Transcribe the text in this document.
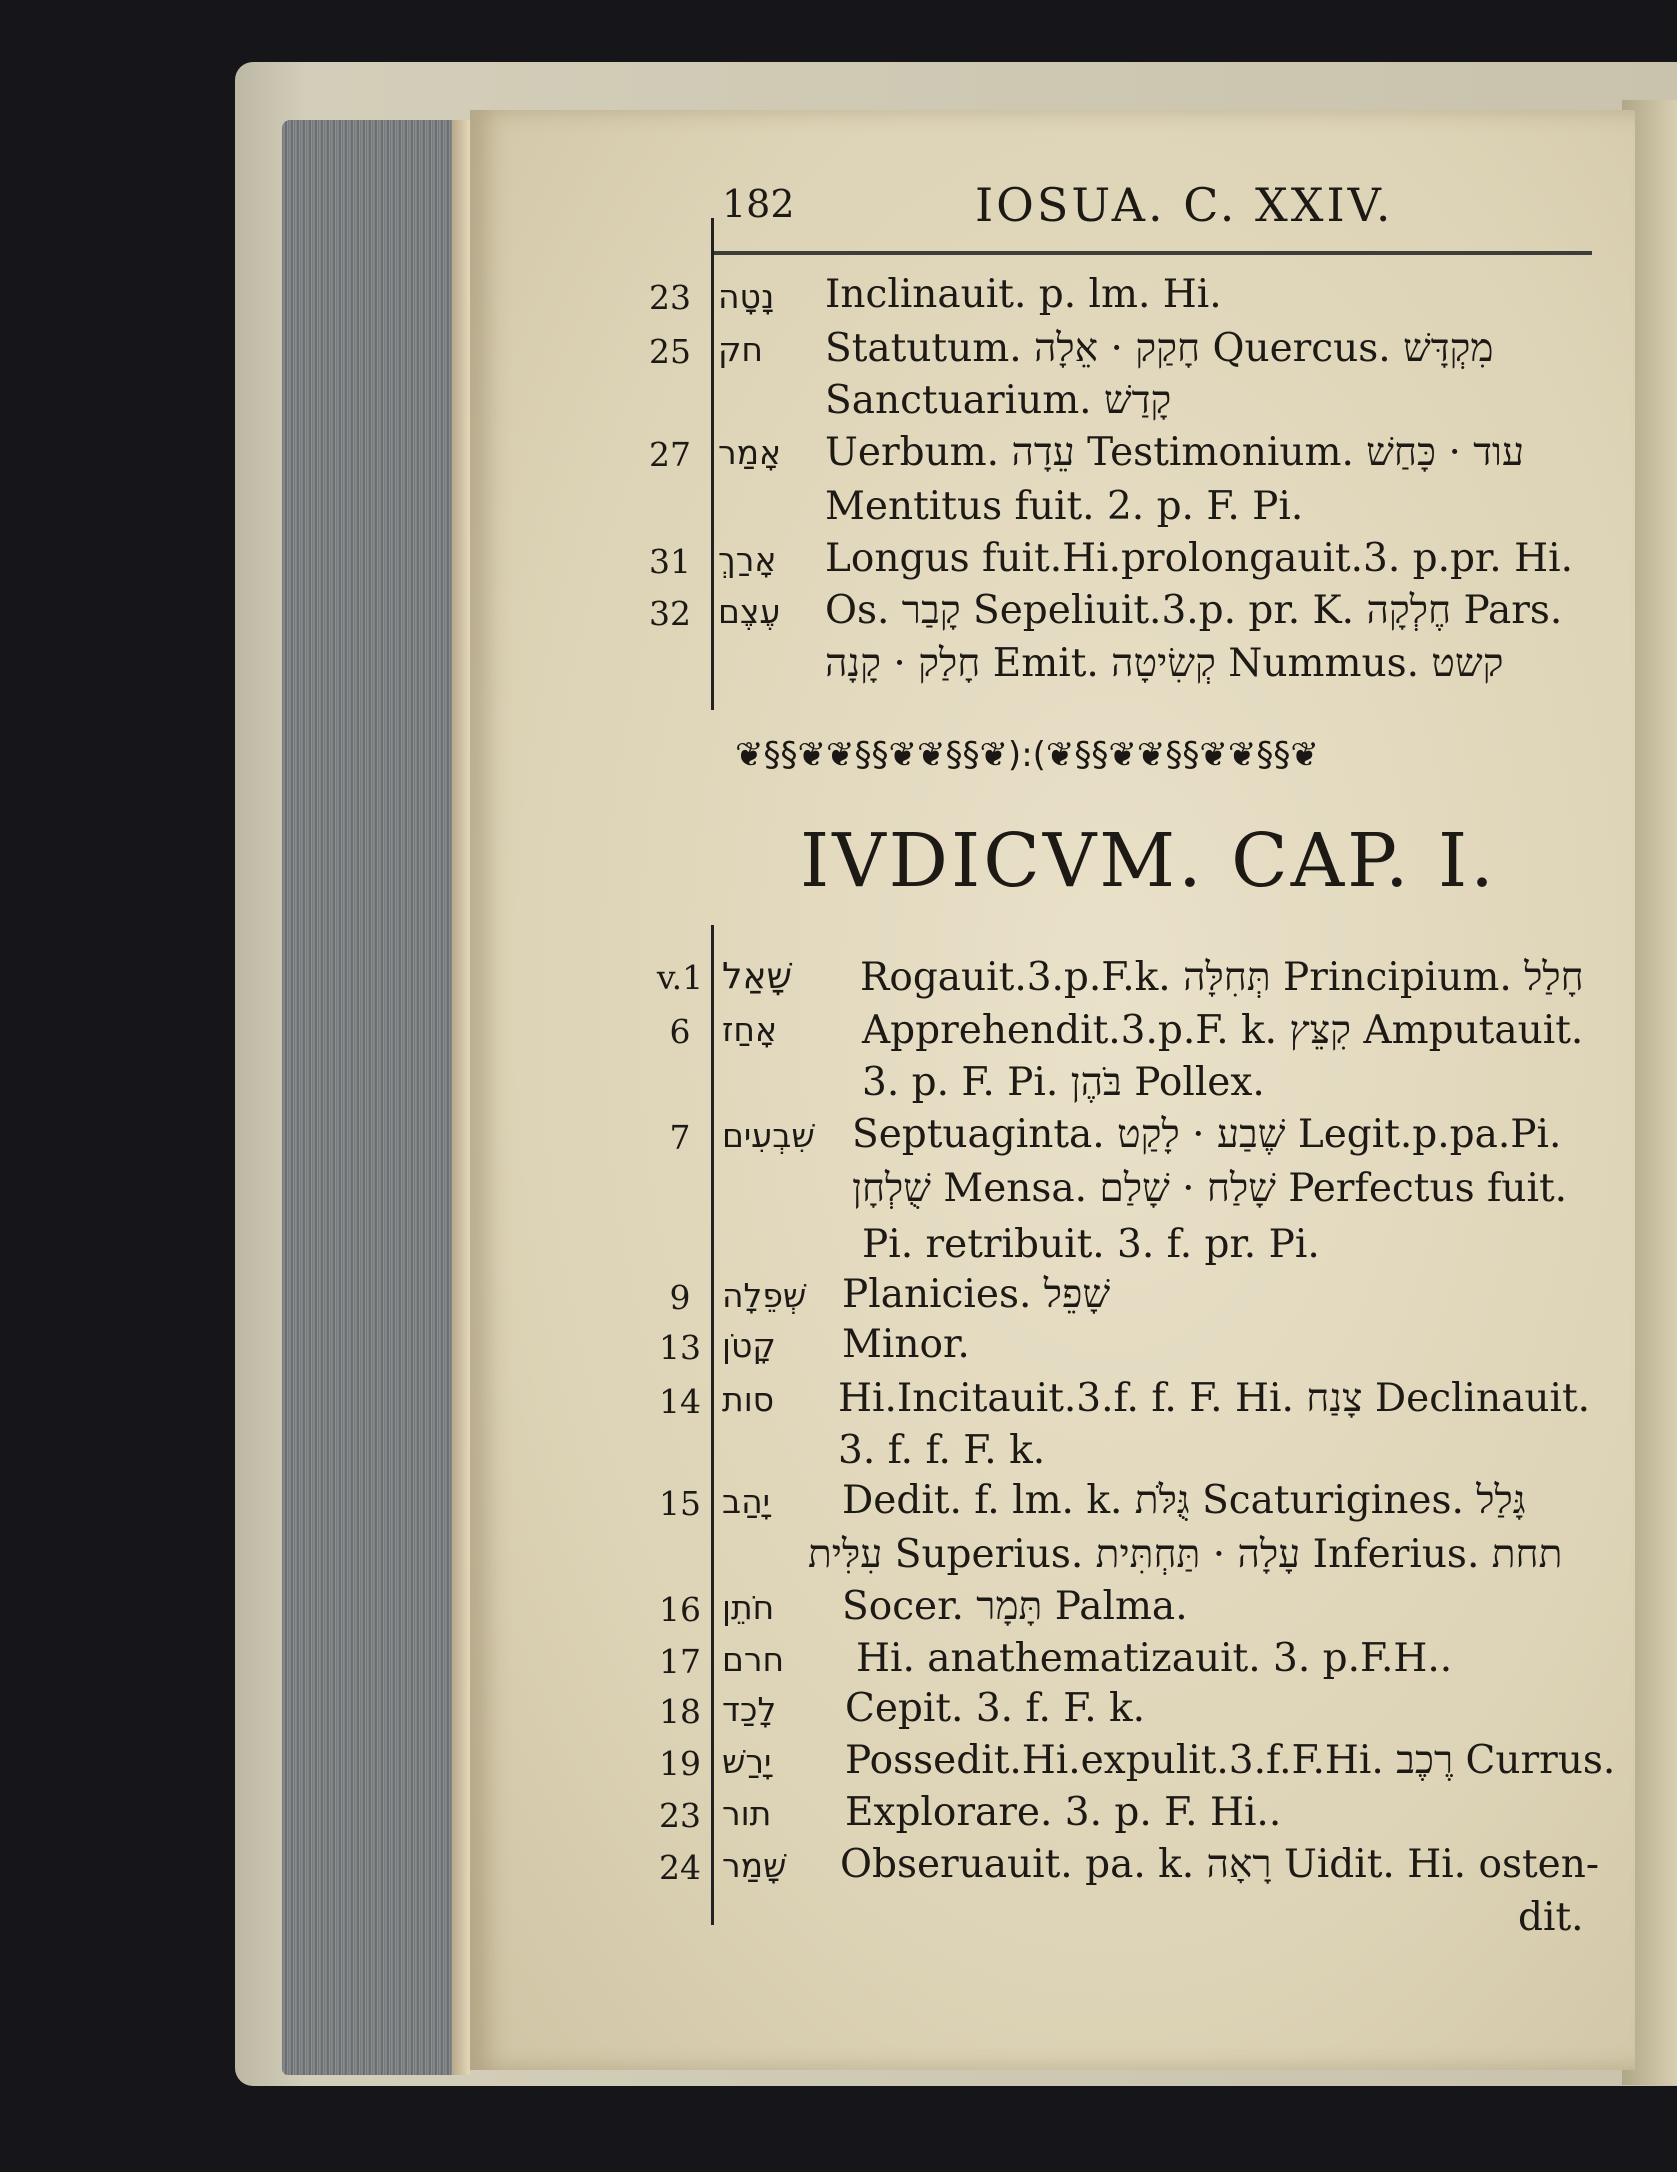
182	IOSUA. C. XXIV.
23 נָטָה Inclinauit. p. lm. Hi.
25 חק Statutum. חָקַק · אֵלָה Quercus. מִקְדָּשׁ
Sanctuarium. קָדַשׁ
27 אָמַר Uerbum. עֵדָה Testimonium. עוד · כָּחַשׁ
Mentitus fuit. 2. p. F. Pi.
31 אָרַךְ Longus fuit.Hi.prolongauit.3. p.pr. Hi.
32 עֶצֶם Os. קָבַר Sepeliuit.3.p. pr. K. חֶלְקָה Pars.
חָלַק · קָנָה Emit. קְשִׂיטָה Nummus. קשט
❦§§❦❦§§❦❦§§❦):(❦§§❦❦§§❦❦§§❦
IVDICVM. CAP. I.
v.1 שָׁאַל Rogauit.3.p.F.k. תְּחִלָּה Principium. חָלַל
6 אָחַז Apprehendit.3.p.F. k. קִצֵּץ Amputauit.
3. p. F. Pi. בֹּהֶן Pollex.
7 שִׁבְעִים Septuaginta. שֶׁבַע · לָקַט Legit.p.pa.Pi.
שֻׁלְחָן Mensa. שָׁלַח · שָׁלַם Perfectus fuit.
Pi. retribuit. 3. f. pr. Pi.
9 שְׁפֵלָה Planicies. שָׁפֵל
13 קָטֹן Minor.
14 סות Hi.Incitauit.3.f. f. F. Hi. צָנַח Declinauit.
3. f. f. F. k.
15 יָהַב Dedit. f. lm. k. גֻּלֹּת Scaturigines. גָּלַל
עִלִּית Superius. עָלָה · תַּחְתִּית Inferius. תחת
16 חֹתֵן Socer. תָּמָר Palma.
17 חרם Hi. anathematizauit. 3. p.F.H..
18 לָכַד Cepit. 3. f. F. k.
19 יָרַשׁ Possedit.Hi.expulit.3.f.F.Hi. רֶכֶב Currus.
23 תור Explorare. 3. p. F. Hi..
24 שָׁמַר Obseruauit. pa. k. רָאָה Uidit. Hi. osten-
dit.
